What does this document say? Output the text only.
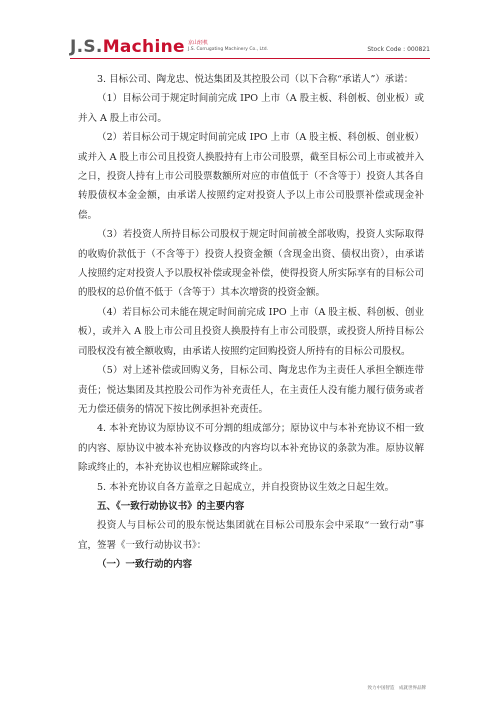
J.S.Machine 京山轻机
J.S. Corrugating Machinery Co., Ltd.	Stock Code : 000821

3. 目标公司、陶龙忠、悦达集团及其控股公司（以下合称“承诺人”）承诺：

（1）目标公司于规定时间前完成 IPO 上市（A 股主板、科创板、创业板）或并入 A 股上市公司。

（2）若目标公司于规定时间前完成 IPO 上市（A 股主板、科创板、创业板）或并入 A 股上市公司且投资人换股持有上市公司股票，截至目标公司上市或被并入之日，投资人持有上市公司股票数额所对应的市值低于（不含等于）投资人其各自转股债权本金金额，由承诺人按照约定对投资人予以上市公司股票补偿或现金补偿。

（3）若投资人所持目标公司股权于规定时间前被全部收购，投资人实际取得的收购价款低于（不含等于）投资人投资金额（含现金出资、债权出资），由承诺人按照约定对投资人予以股权补偿或现金补偿，使得投资人所实际享有的目标公司的股权的总价值不低于（含等于）其本次增资的投资金额。

（4）若目标公司未能在规定时间前完成 IPO 上市（A 股主板、科创板、创业板），或并入 A 股上市公司且投资人换股持有上市公司股票，或投资人所持目标公司股权没有被全额收购，由承诺人按照约定回购投资人所持有的目标公司股权。

（5）对上述补偿或回购义务，目标公司、陶龙忠作为主责任人承担全额连带责任；悦达集团及其控股公司作为补充责任人，在主责任人没有能力履行债务或者无力偿还债务的情况下按比例承担补充责任。

4. 本补充协议为原协议不可分割的组成部分；原协议中与本补充协议不相一致的内容、原协议中被本补充协议修改的内容均以本补充协议的条款为准。原协议解除或终止的，本补充协议也相应解除或终止。

5. 本补充协议自各方盖章之日起成立，并自投资协议生效之日起生效。

五、《一致行动协议书》的主要内容

投资人与目标公司的股东悦达集团就在目标公司股东会中采取“一致行动”事宜，签署《一致行动协议书》：

（一）一致行动的内容

致力中国智造　成就世界品牌
